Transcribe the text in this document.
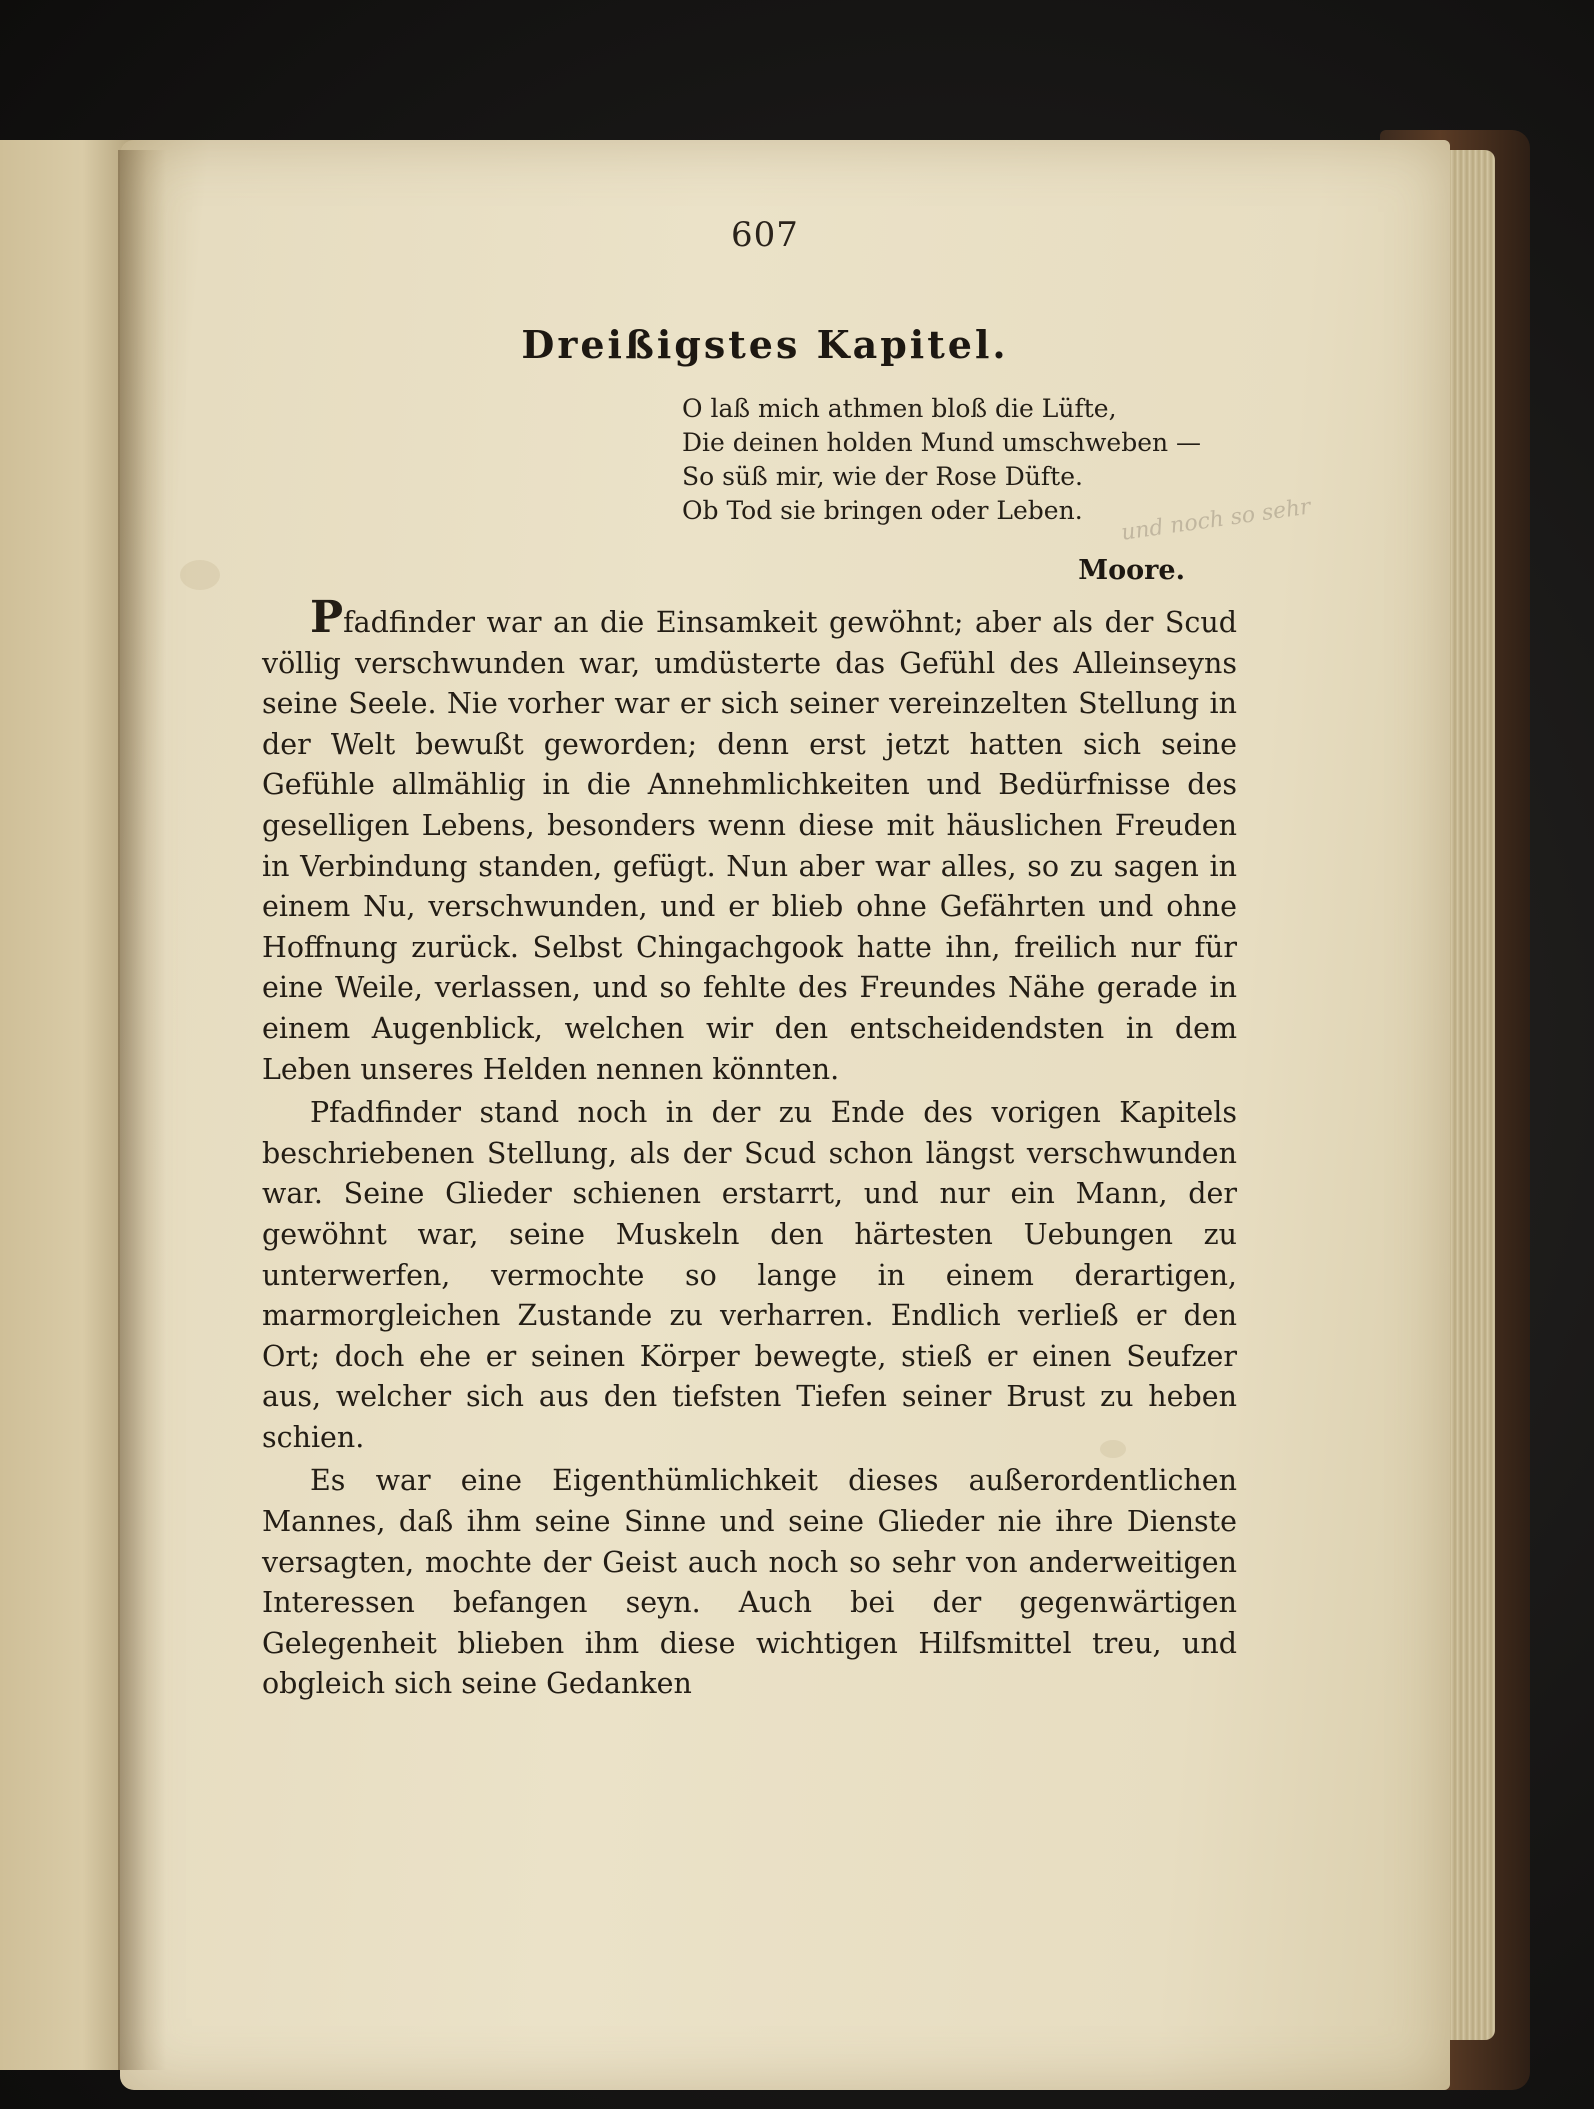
607
Dreißigstes Kapitel.
O laß mich athmen bloß die Lüfte,
Die deinen holden Mund umschweben —
So süß mir, wie der Rose Düfte.
Ob Tod sie bringen oder Leben.	und noch so sehr
Moore.

Pfadfinder war an die Einsamkeit gewöhnt; aber als der Scud völlig verschwunden war, umdüsterte das Gefühl des Alleinseyns seine Seele. Nie vorher war er sich seiner vereinzelten Stellung in der Welt bewußt geworden; denn erst jetzt hatten sich seine Gefühle allmählig in die Annehmlichkeiten und Bedürfnisse des geselligen Lebens, besonders wenn diese mit häuslichen Freuden in Verbindung standen, gefügt. Nun aber war alles, so zu sagen in einem Nu, verschwunden, und er blieb ohne Gefährten und ohne Hoffnung zurück. Selbst Chingachgook hatte ihn, freilich nur für eine Weile, verlassen, und so fehlte des Freundes Nähe gerade in einem Augenblick, welchen wir den entscheidendsten in dem Leben unseres Helden nennen könnten.

Pfadfinder stand noch in der zu Ende des vorigen Kapitels beschriebenen Stellung, als der Scud schon längst verschwunden war. Seine Glieder schienen erstarrt, und nur ein Mann, der gewöhnt war, seine Muskeln den härtesten Uebungen zu unterwerfen, vermochte so lange in einem derartigen, marmorgleichen Zustande zu verharren. Endlich verließ er den Ort; doch ehe er seinen Körper bewegte, stieß er einen Seufzer aus, welcher sich aus den tiefsten Tiefen seiner Brust zu heben schien.

Es war eine Eigenthümlichkeit dieses außerordentlichen Mannes, daß ihm seine Sinne und seine Glieder nie ihre Dienste versagten, mochte der Geist auch noch so sehr von anderweitigen Interessen befangen seyn. Auch bei der gegenwärtigen Gelegenheit blieben ihm diese wichtigen Hilfsmittel treu, und obgleich sich seine Gedanken
